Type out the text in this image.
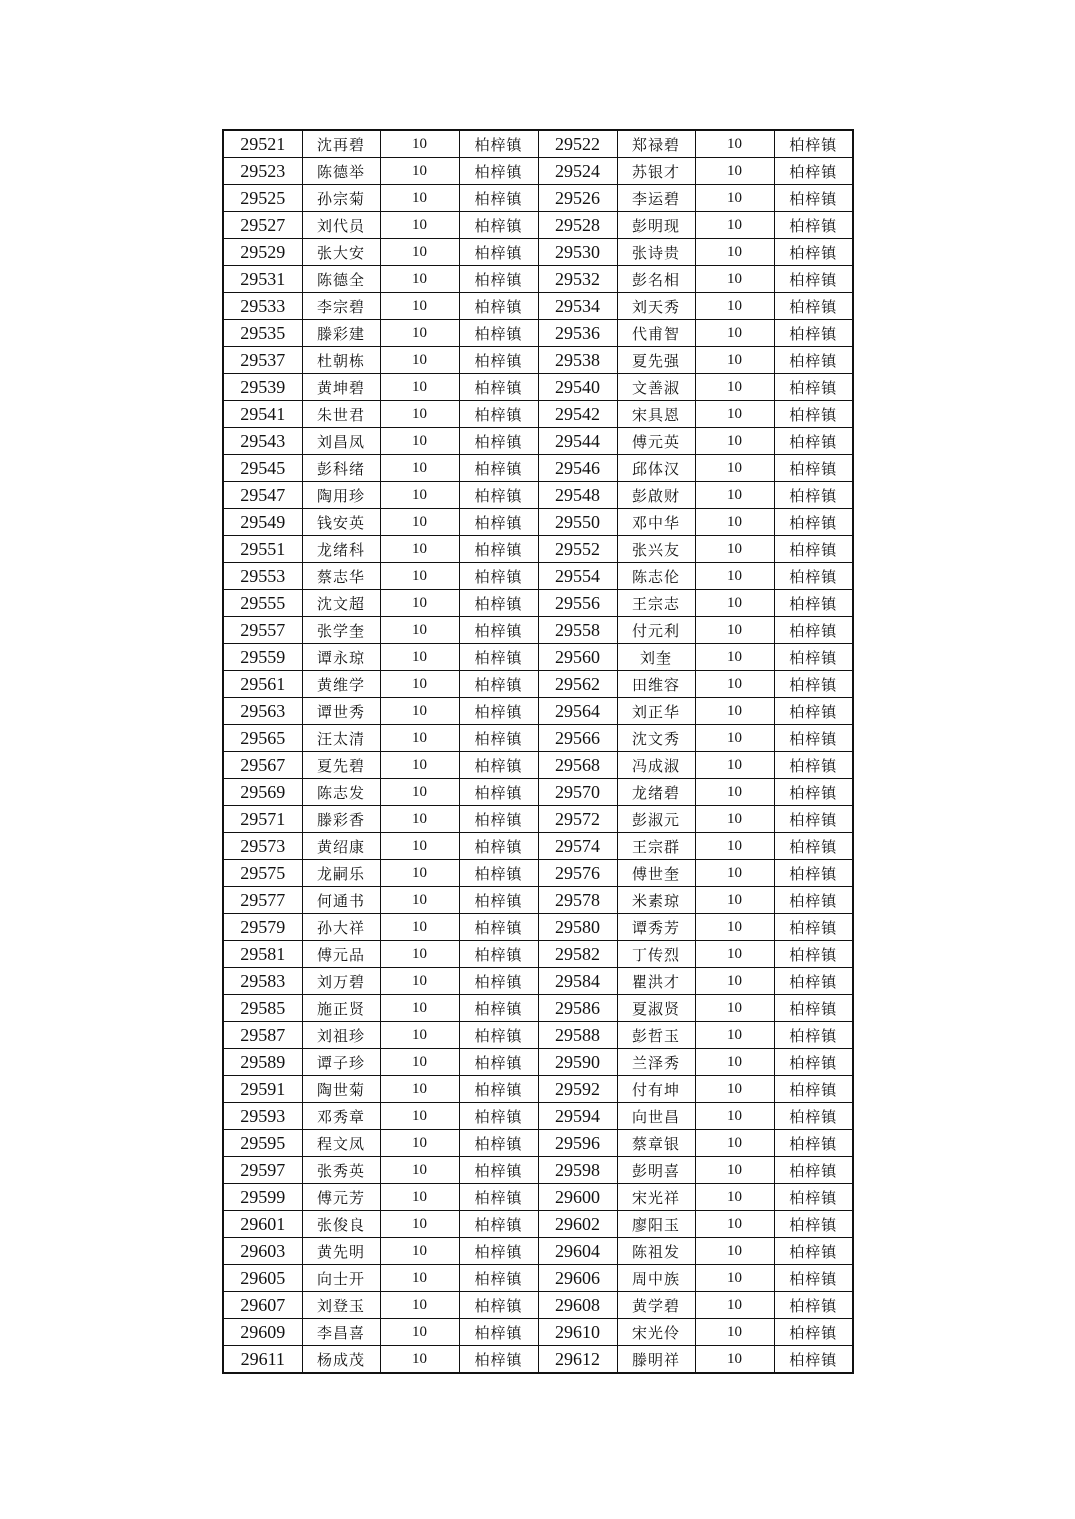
29521	沈再碧	10	柏梓镇	29522	郑禄碧	10	柏梓镇
29523	陈德举	10	柏梓镇	29524	苏银才	10	柏梓镇
29525	孙宗菊	10	柏梓镇	29526	李运碧	10	柏梓镇
29527	刘代员	10	柏梓镇	29528	彭明现	10	柏梓镇
29529	张大安	10	柏梓镇	29530	张诗贵	10	柏梓镇
29531	陈德全	10	柏梓镇	29532	彭名相	10	柏梓镇
29533	李宗碧	10	柏梓镇	29534	刘天秀	10	柏梓镇
29535	滕彩建	10	柏梓镇	29536	代甫智	10	柏梓镇
29537	杜朝栋	10	柏梓镇	29538	夏先强	10	柏梓镇
29539	黄坤碧	10	柏梓镇	29540	文善淑	10	柏梓镇
29541	朱世君	10	柏梓镇	29542	宋具恩	10	柏梓镇
29543	刘昌凤	10	柏梓镇	29544	傅元英	10	柏梓镇
29545	彭科绪	10	柏梓镇	29546	邱体汉	10	柏梓镇
29547	陶用珍	10	柏梓镇	29548	彭啟财	10	柏梓镇
29549	钱安英	10	柏梓镇	29550	邓中华	10	柏梓镇
29551	龙绪科	10	柏梓镇	29552	张兴友	10	柏梓镇
29553	蔡志华	10	柏梓镇	29554	陈志伦	10	柏梓镇
29555	沈文超	10	柏梓镇	29556	王宗志	10	柏梓镇
29557	张学奎	10	柏梓镇	29558	付元利	10	柏梓镇
29559	谭永琼	10	柏梓镇	29560	刘奎	10	柏梓镇
29561	黄维学	10	柏梓镇	29562	田维容	10	柏梓镇
29563	谭世秀	10	柏梓镇	29564	刘正华	10	柏梓镇
29565	汪太清	10	柏梓镇	29566	沈文秀	10	柏梓镇
29567	夏先碧	10	柏梓镇	29568	冯成淑	10	柏梓镇
29569	陈志发	10	柏梓镇	29570	龙绪碧	10	柏梓镇
29571	滕彩香	10	柏梓镇	29572	彭淑元	10	柏梓镇
29573	黄绍康	10	柏梓镇	29574	王宗群	10	柏梓镇
29575	龙嗣乐	10	柏梓镇	29576	傅世奎	10	柏梓镇
29577	何通书	10	柏梓镇	29578	米素琼	10	柏梓镇
29579	孙大祥	10	柏梓镇	29580	谭秀芳	10	柏梓镇
29581	傅元品	10	柏梓镇	29582	丁传烈	10	柏梓镇
29583	刘万碧	10	柏梓镇	29584	瞿洪才	10	柏梓镇
29585	施正贤	10	柏梓镇	29586	夏淑贤	10	柏梓镇
29587	刘祖珍	10	柏梓镇	29588	彭哲玉	10	柏梓镇
29589	谭子珍	10	柏梓镇	29590	兰泽秀	10	柏梓镇
29591	陶世菊	10	柏梓镇	29592	付有坤	10	柏梓镇
29593	邓秀章	10	柏梓镇	29594	向世昌	10	柏梓镇
29595	程文凤	10	柏梓镇	29596	蔡章银	10	柏梓镇
29597	张秀英	10	柏梓镇	29598	彭明喜	10	柏梓镇
29599	傅元芳	10	柏梓镇	29600	宋光祥	10	柏梓镇
29601	张俊良	10	柏梓镇	29602	廖阳玉	10	柏梓镇
29603	黄先明	10	柏梓镇	29604	陈祖发	10	柏梓镇
29605	向士开	10	柏梓镇	29606	周中族	10	柏梓镇
29607	刘登玉	10	柏梓镇	29608	黄学碧	10	柏梓镇
29609	李昌喜	10	柏梓镇	29610	宋光伶	10	柏梓镇
29611	杨成茂	10	柏梓镇	29612	滕明祥	10	柏梓镇
